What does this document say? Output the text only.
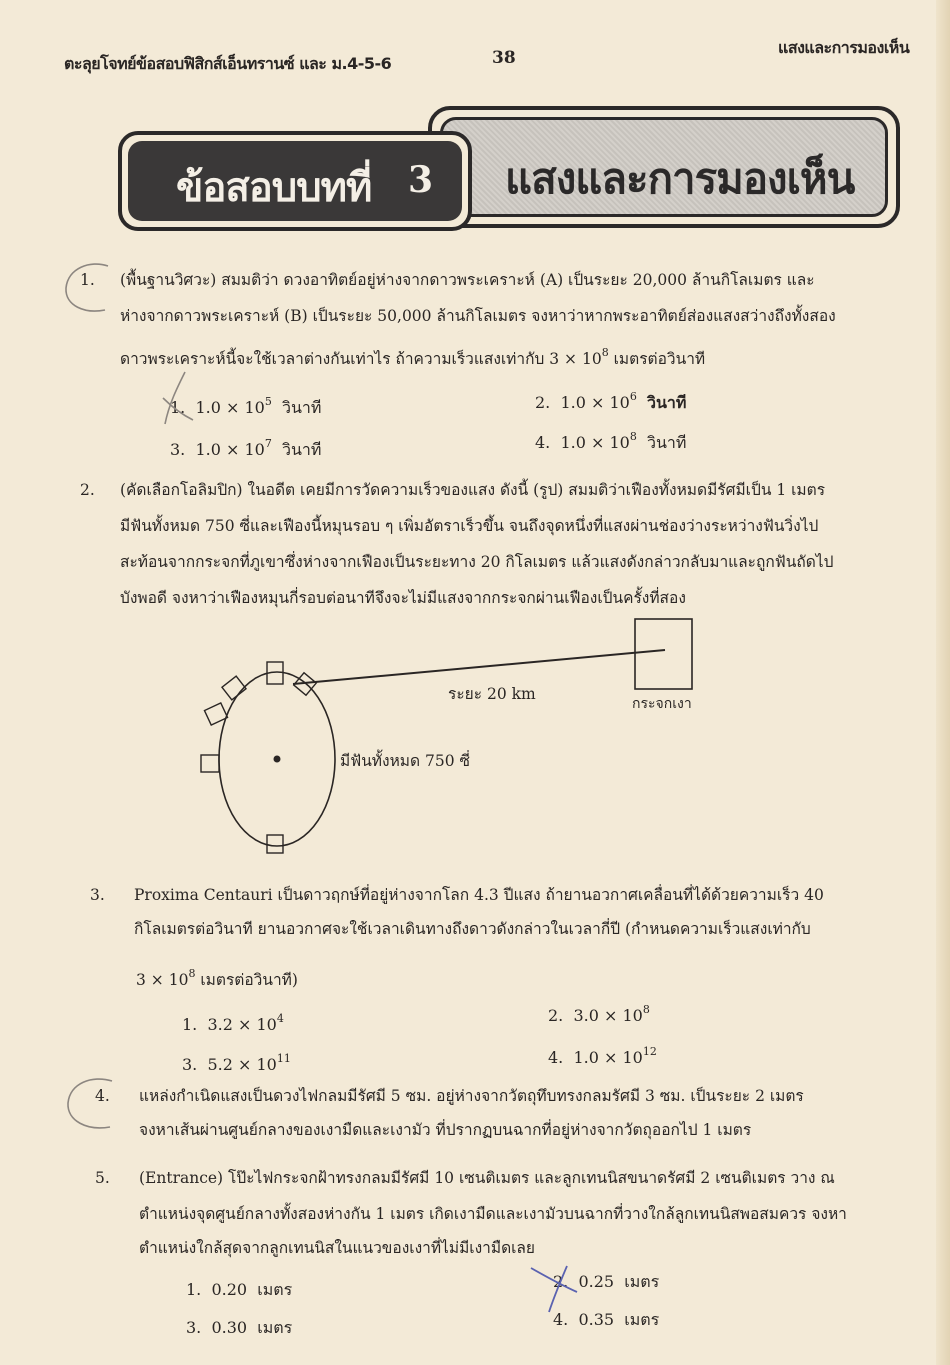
ตะลุยโจทย์ข้อสอบฟิสิกส์เอ็นทรานซ์ และ ม.4-5-6	38
แสงและการมองเห็น
แสงและการมองเห็น
ข้อสอบบทที่ 3
1. (พื้นฐานวิศวะ) สมมติว่า ดวงอาทิตย์อยู่ห่างจากดาวพระเคราะห์ (A) เป็นระยะ 20,000 ล้านกิโลเมตร และ
ห่างจากดาวพระเคราะห์ (B) เป็นระยะ 50,000 ล้านกิโลเมตร จงหาว่าหากพระอาทิตย์ส่องแสงสว่างถึงทั้งสอง
ดาวพระเคราะห์นี้จะใช้เวลาต่างกันเท่าไร ถ้าความเร็วแสงเท่ากับ $3 \times 10^8$ เมตรต่อวินาที
1. $1.0 \times 10^5$ วินาที	2. $1.0 \times 10^6$ วินาที
3. $1.0 \times 10^7$ วินาที	4. $1.0 \times 10^8$ วินาที
2. (คัดเลือกโอลิมปิก) ในอดีต เคยมีการวัดความเร็วของแสง ดังนี้ (รูป) สมมติว่าเฟืองทั้งหมดมีรัศมีเป็น 1 เมตร
มีฟันทั้งหมด 750 ซี่และเฟืองนี้หมุนรอบ ๆ เพิ่มอัตราเร็วขึ้น จนถึงจุดหนึ่งที่แสงผ่านช่องว่างระหว่างฟันวิ่งไป
สะท้อนจากกระจกที่ภูเขาซึ่งห่างจากเฟืองเป็นระยะทาง 20 กิโลเมตร แล้วแสงดังกล่าวกลับมาและถูกฟันถัดไป
บังพอดี จงหาว่าเฟืองหมุนกี่รอบต่อนาทีจึงจะไม่มีแสงจากกระจกผ่านเฟืองเป็นครั้งที่สอง
ระยะ 20 km
กระจกเงา
มีฟันทั้งหมด 750 ซี่
3. Proxima Centauri เป็นดาวฤกษ์ที่อยู่ห่างจากโลก 4.3 ปีแสง ถ้ายานอวกาศเคลื่อนที่ได้ด้วยความเร็ว 40
กิโลเมตรต่อวินาที ยานอวกาศจะใช้เวลาเดินทางถึงดาวดังกล่าวในเวลากี่ปี (กำหนดความเร็วแสงเท่ากับ
$3 \times 10^8$ เมตรต่อวินาที)
1. $3.2 \times 10^4$	2. $3.0 \times 10^8$
3. $5.2 \times 10^{11}$	4. $1.0 \times 10^{12}$
4. แหล่งกำเนิดแสงเป็นดวงไฟกลมมีรัศมี 5 ซม. อยู่ห่างจากวัตถุทึบทรงกลมรัศมี 3 ซม. เป็นระยะ 2 เมตร
จงหาเส้นผ่านศูนย์กลางของเงามืดและเงามัว ที่ปรากฏบนฉากที่อยู่ห่างจากวัตถุออกไป 1 เมตร
5. (Entrance) โป๊ะไฟกระจกฝ้าทรงกลมมีรัศมี 10 เซนติเมตร และลูกเทนนิสขนาดรัศมี 2 เซนติเมตร วาง ณ
ตำแหน่งจุดศูนย์กลางทั้งสองห่างกัน 1 เมตร เกิดเงามืดและเงามัวบนฉากที่วางใกล้ลูกเทนนิสพอสมควร จงหา
ตำแหน่งใกล้สุดจากลูกเทนนิสในแนวของเงาที่ไม่มีเงามืดเลย
1. 0.20 เมตร	2. 0.25 เมตร
3. 0.30 เมตร	4. 0.35 เมตร
